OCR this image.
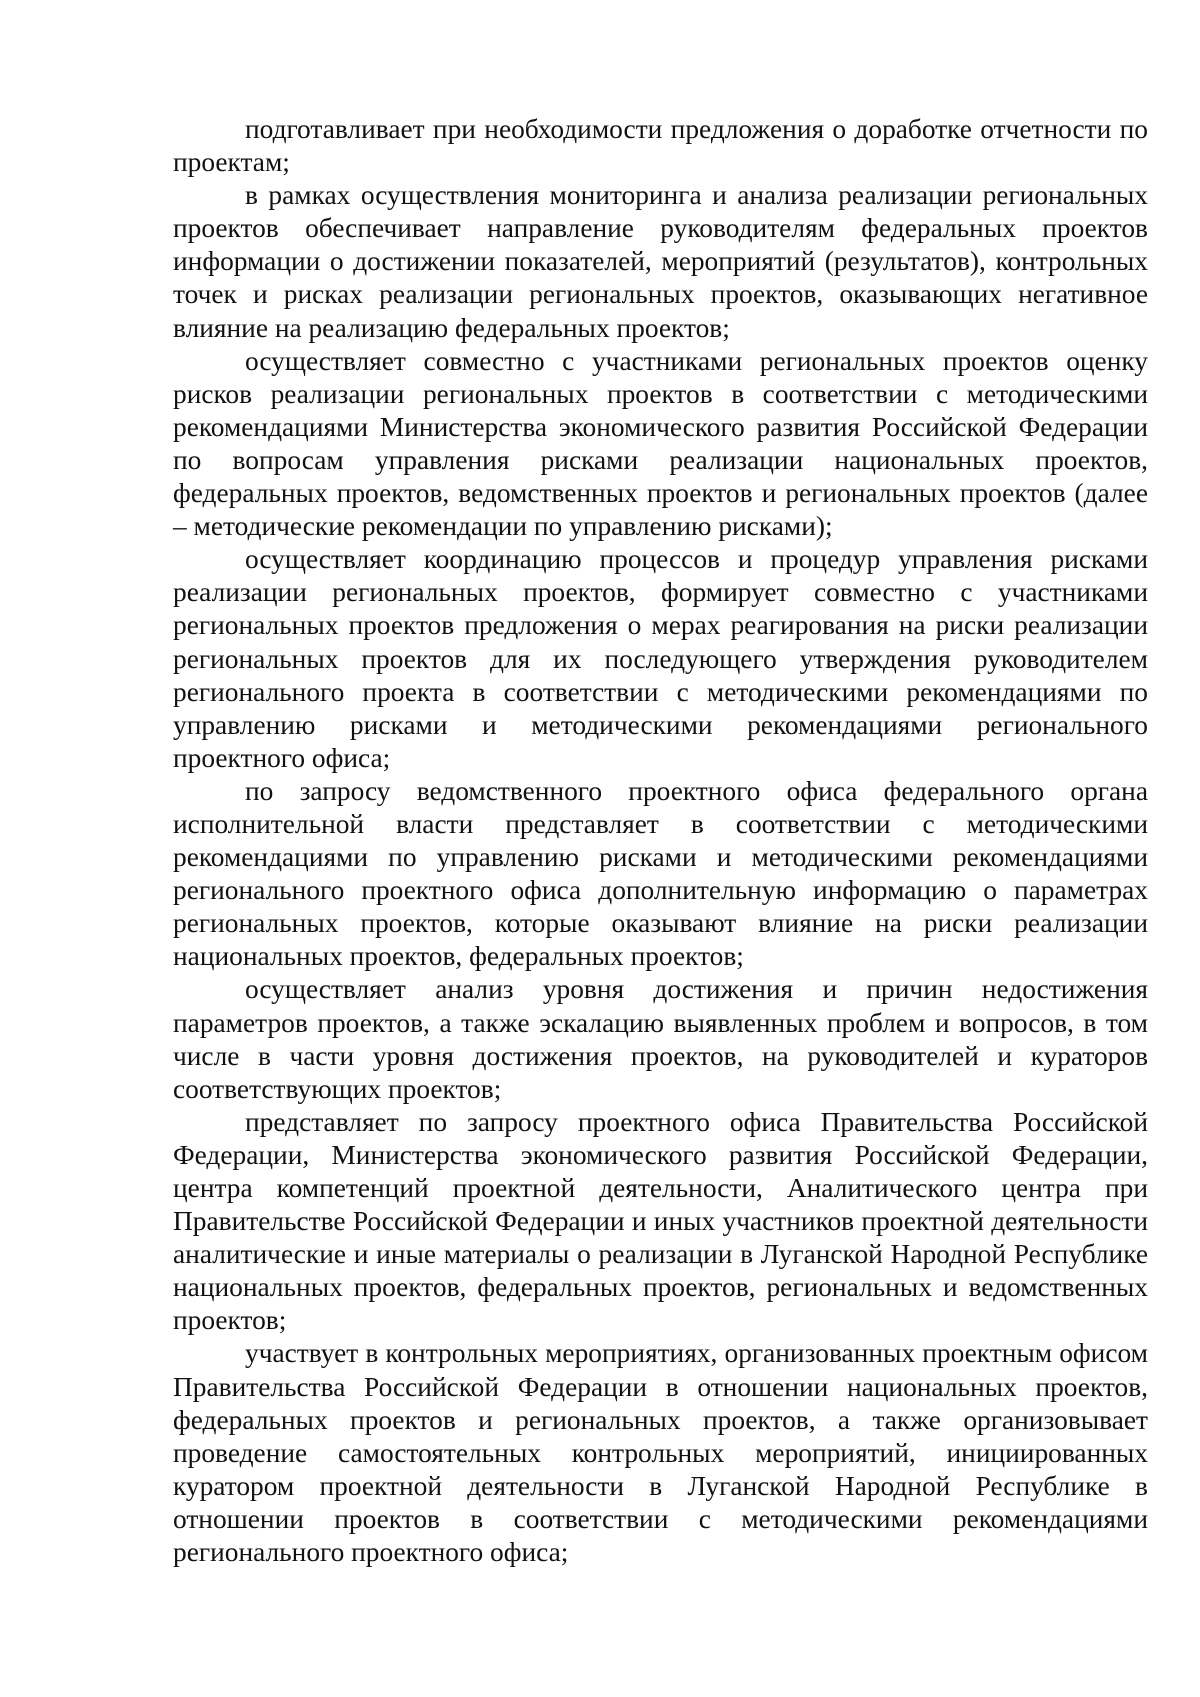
подготавливает при необходимости предложения о доработке отчетности по проектам;

в рамках осуществления мониторинга и анализа реализации региональных проектов обеспечивает направление руководителям федеральных проектов информации о достижении показателей, мероприятий (результатов), контрольных точек и рисках реализации региональных проектов, оказывающих негативное влияние на реализацию федеральных проектов;

осуществляет совместно с участниками региональных проектов оценку рисков реализации региональных проектов в соответствии с методическими рекомендациями Министерства экономического развития Российской Федерации по вопросам управления рисками реализации национальных проектов, федеральных проектов, ведомственных проектов и региональных проектов (далее – методические рекомендации по управлению рисками);

осуществляет координацию процессов и процедур управления рисками реализации региональных проектов, формирует совместно с участниками региональных проектов предложения о мерах реагирования на риски реализации региональных проектов для их последующего утверждения руководителем регионального проекта в соответствии с методическими рекомендациями по управлению рисками и методическими рекомендациями регионального проектного офиса;

по запросу ведомственного проектного офиса федерального органа исполнительной власти представляет в соответствии с методическими рекомендациями по управлению рисками и методическими рекомендациями регионального проектного офиса дополнительную информацию о параметрах региональных проектов, которые оказывают влияние на риски реализации национальных проектов, федеральных проектов;

осуществляет анализ уровня достижения и причин недостижения параметров проектов, а также эскалацию выявленных проблем и вопросов, в том числе в части уровня достижения проектов, на руководителей и кураторов соответствующих проектов;

представляет по запросу проектного офиса Правительства Российской Федерации, Министерства экономического развития Российской Федерации, центра компетенций проектной деятельности, Аналитического центра при Правительстве Российской Федерации и иных участников проектной деятельности аналитические и иные материалы о реализации в Луганской Народной Республике национальных проектов, федеральных проектов, региональных и ведомственных проектов;

участвует в контрольных мероприятиях, организованных проектным офисом Правительства Российской Федерации в отношении национальных проектов, федеральных проектов и региональных проектов, а также организовывает проведение самостоятельных контрольных мероприятий, инициированных куратором проектной деятельности в Луганской Народной Республике в отношении проектов в соответствии с методическими рекомендациями регионального проектного офиса;
